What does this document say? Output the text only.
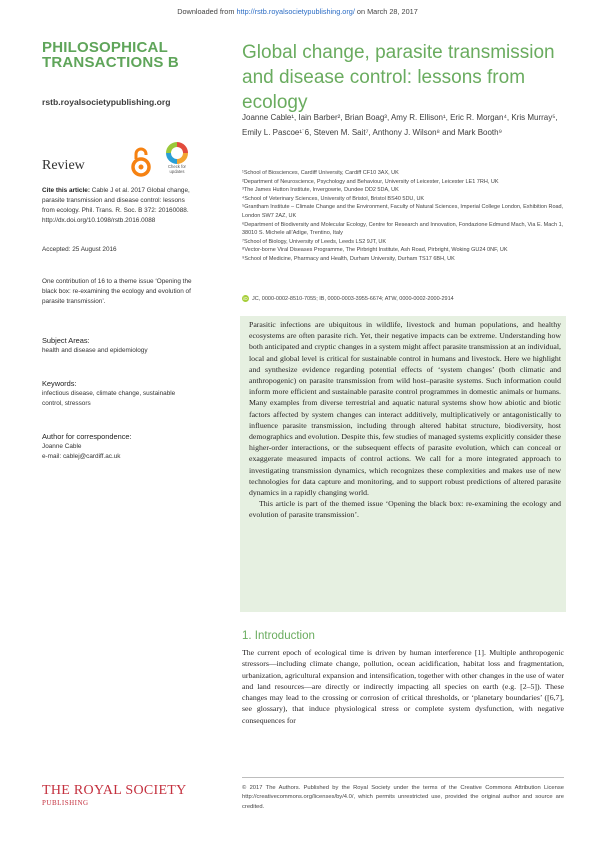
Downloaded from http://rstb.royalsocietypublishing.org/ on March 28, 2017
PHILOSOPHICAL
TRANSACTIONS B
rstb.royalsocietypublishing.org
Review	Check for
updates
Cite this article: Cable J et al. 2017 Global change, parasite transmission and disease control: lessons from ecology. Phil. Trans. R. Soc. B 372: 20160088.
http://dx.doi.org/10.1098/rstb.2016.0088
Accepted: 25 August 2016
One contribution of 16 to a theme issue ‘Opening the black box: re-examining the ecology and evolution of parasite transmission’.
Subject Areas:
health and disease and epidemiology
Keywords:
infectious disease, climate change, sustainable control, stressors
Author for correspondence:
Joanne Cable
e-mail: cablej@cardiff.ac.uk
Global change, parasite transmission and disease control: lessons from ecology
Joanne Cable¹, Iain Barber², Brian Boag³, Amy R. Ellison¹, Eric R. Morgan⁴, Kris Murray⁵, Emily L. Pascoe¹˙6, Steven M. Sait⁷, Anthony J. Wilson⁸ and Mark Booth⁹

¹School of Biosciences, Cardiff University, Cardiff CF10 3AX, UK

²Department of Neuroscience, Psychology and Behaviour, University of Leicester, Leicester LE1 7RH, UK

³The James Hutton Institute, Invergowrie, Dundee DD2 5DA, UK

⁴School of Veterinary Sciences, University of Bristol, Bristol BS40 5DU, UK

⁵Grantham Institute – Climate Change and the Environment, Faculty of Natural Sciences, Imperial College London, Exhibition Road, London SW7 2AZ, UK

⁶Department of Biodiversity and Molecular Ecology, Centre for Research and Innovation, Fondazione Edmund Mach, Via E. Mach 1, 38010 S. Michele all’Adige, Trentino, Italy

⁷School of Biology, University of Leeds, Leeds LS2 9JT, UK

⁸Vector-borne Viral Diseases Programme, The Pirbright Institute, Ash Road, Pirbright, Woking GU24 0NF, UK

⁹School of Medicine, Pharmacy and Health, Durham University, Durham TS17 6BH, UK

iD JC, 0000-0002-8510-7055; IB, 0000-0003-3955-6674; ATW, 0000-0002-2000-2914

Parasitic infections are ubiquitous in wildlife, livestock and human populations, and healthy ecosystems are often parasite rich. Yet, their negative impacts can be extreme. Understanding how both anticipated and cryptic changes in a system might affect parasite transmission at an individual, local and global level is critical for sustainable control in humans and livestock. Here we highlight and synthesize evidence regarding potential effects of ‘system changes’ (both climatic and anthropogenic) on parasite transmission from wild host–parasite systems. Such information could inform more efficient and sustainable parasite control programmes in domestic animals or humans. Many examples from diverse terrestrial and aquatic natural systems show how abiotic and biotic factors affected by system changes can interact additively, multiplicatively or antagonistically to influence parasite transmission, including through altered habitat structure, biodiversity, host demographics and evolution. Despite this, few studies of managed systems explicitly consider these higher-order interactions, or the subsequent effects of parasite evolution, which can conceal or exaggerate measured impacts of control actions. We call for a more integrated approach to investigating transmission dynamics, which recognizes these complexities and makes use of new technologies for data capture and monitoring, and to support robust predictions of altered parasite dynamics in a rapidly changing world.

This article is part of the themed issue ‘Opening the black box: re-examining the ecology and evolution of parasite transmission’.

1. Introduction
The current epoch of ecological time is driven by human interference [1]. Multiple anthropogenic stressors—including climate change, pollution, ocean acidification, habitat loss and fragmentation, urbanization, agricultural expansion and intensification, together with other changes in the use of water and land resources—are directly or indirectly impacting all species on earth (e.g. [2–5]). These changes may lead to the crossing or corrosion of critical thresholds, or ‘planetary boundaries’ ([6,7], see glossary), that induce physiological stress or complete system dysfunction, with negative consequences for
THE ROYAL SOCIETY
PUBLISHING
© 2017 The Authors. Published by the Royal Society under the terms of the Creative Commons Attribution License http://creativecommons.org/licenses/by/4.0/, which permits unrestricted use, provided the original author and source are credited.
